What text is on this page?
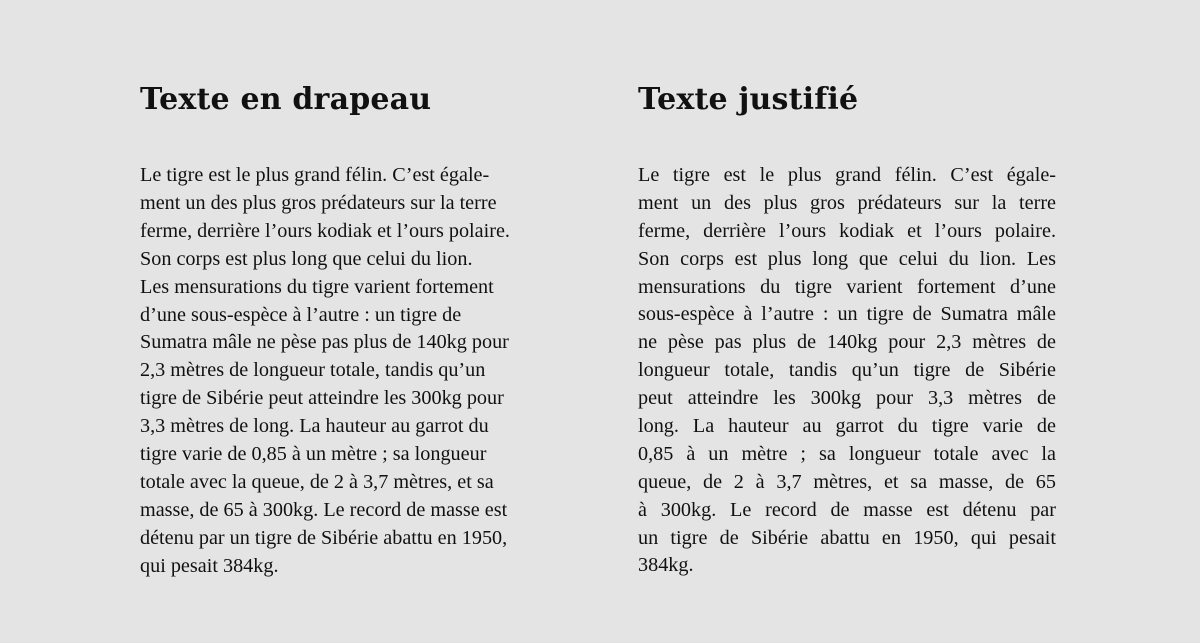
Texte en drapeau
Le tigre est le plus grand félin. C’est égale-
ment un des plus gros prédateurs sur la terre
ferme, derrière l’ours kodiak et l’ours polaire.
Son corps est plus long que celui du lion.
Les mensurations du tigre varient fortement
d’une sous-espèce à l’autre : un tigre de
Sumatra mâle ne pèse pas plus de 140kg pour
2,3 mètres de longueur totale, tandis qu’un
tigre de Sibérie peut atteindre les 300kg pour
3,3 mètres de long. La hauteur au garrot du
tigre varie de 0,85 à un mètre ; sa longueur
totale avec la queue, de 2 à 3,7 mètres, et sa
masse, de 65 à 300kg. Le record de masse est
détenu par un tigre de Sibérie abattu en 1950,
qui pesait 384kg.
Texte justifié
Le tigre est le plus grand félin. C’est égale-
ment un des plus gros prédateurs sur la terre
ferme, derrière l’ours kodiak et l’ours polaire.
Son corps est plus long que celui du lion. Les
mensurations du tigre varient fortement d’une
sous-espèce à l’autre : un tigre de Sumatra mâle
ne pèse pas plus de 140kg pour 2,3 mètres de
longueur totale, tandis qu’un tigre de Sibérie
peut atteindre les 300kg pour 3,3 mètres de
long. La hauteur au garrot du tigre varie de
0,85 à un mètre ; sa longueur totale avec la
queue, de 2 à 3,7 mètres, et sa masse, de 65
à 300kg. Le record de masse est détenu par
un tigre de Sibérie abattu en 1950, qui pesait
384kg.
